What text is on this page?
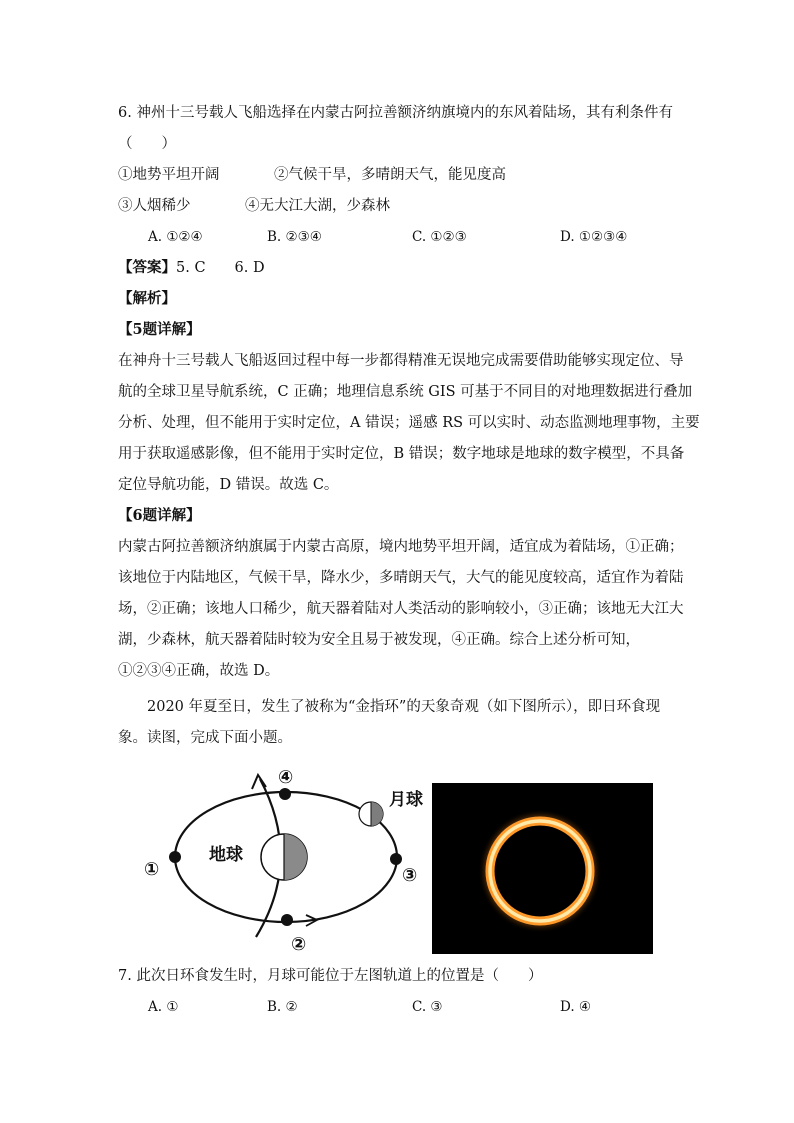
6. 神州十三号载人飞船选择在内蒙古阿拉善额济纳旗境内的东风着陆场，其有利条件有
（　　）
①地势平坦开阔	②气候干旱，多晴朗天气，能见度高
③人烟稀少	④无大江大湖，少森林
A. ①②④	B. ②③④	C. ①②③	D. ①②③④
【答案】5. C　　6. D
【解析】
【5题详解】
在神舟十三号载人飞船返回过程中每一步都得精准无误地完成需要借助能够实现定位、导
航的全球卫星导航系统，C 正确；地理信息系统 GIS 可基于不同目的对地理数据进行叠加
分析、处理，但不能用于实时定位，A 错误；遥感 RS 可以实时、动态监测地理事物，主要
用于获取遥感影像，但不能用于实时定位，B 错误；数字地球是地球的数字模型，不具备
定位导航功能，D 错误。故选 C。
【6题详解】
内蒙古阿拉善额济纳旗属于内蒙古高原，境内地势平坦开阔，适宜成为着陆场，①正确；
该地位于内陆地区，气候干旱，降水少，多晴朗天气，大气的能见度较高，适宜作为着陆
场，②正确；该地人口稀少，航天器着陆对人类活动的影响较小，③正确；该地无大江大
湖，少森林，航天器着陆时较为安全且易于被发现，④正确。综合上述分析可知，
①②③④正确，故选 D。
2020 年夏至日，发生了被称为“金指环”的天象奇观（如下图所示），即日环食现
象。读图，完成下面小题。
地球
月球
①
②
③
④
7. 此次日环食发生时，月球可能位于左图轨道上的位置是（　　）
A. ①	B. ②	C. ③	D. ④
